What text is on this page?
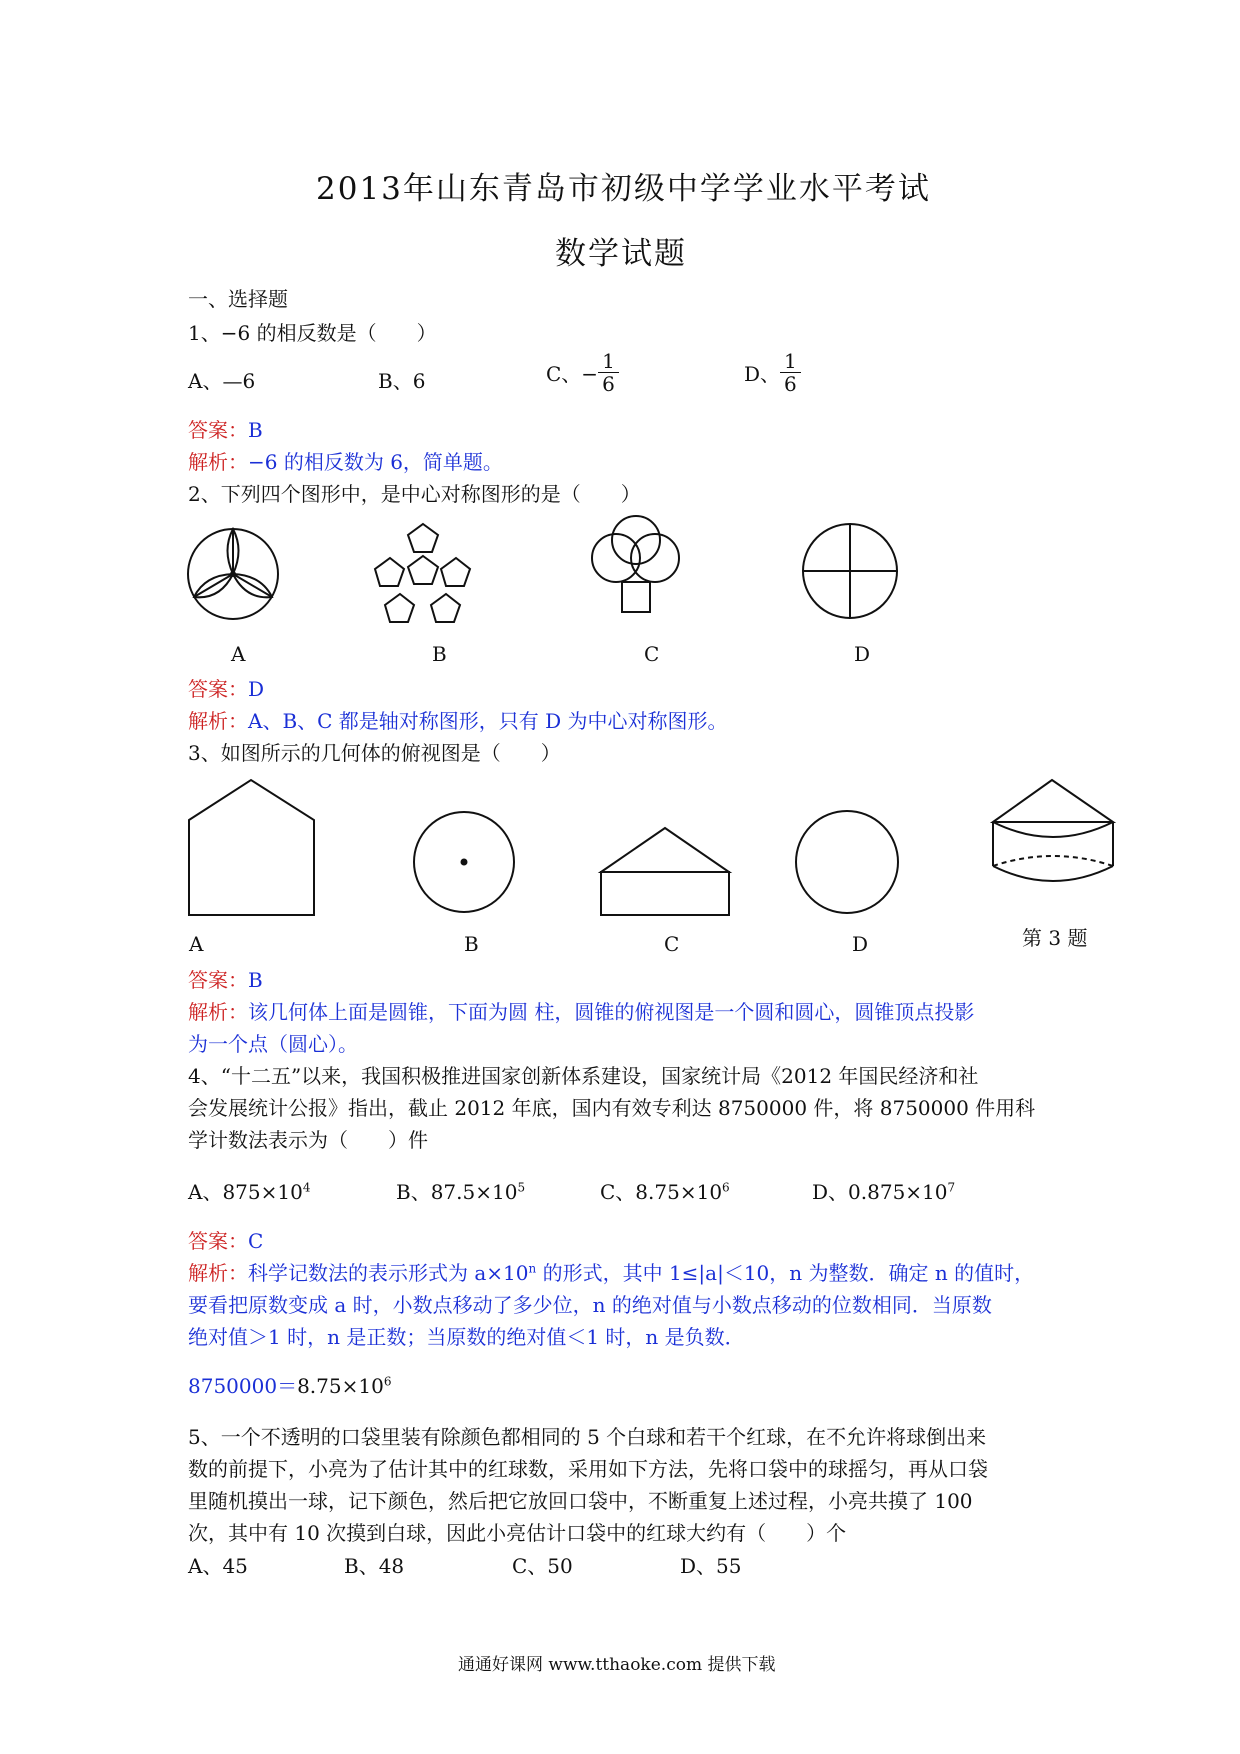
2013年山东青岛市初级中学学业水平考试
数学试题
一、选择题
1、−6 的相反数是（　　）
A、—6	B、6	C、− $\frac{1}{6}$	D、 $\frac{1}{6}$
答案：B
解析：−6 的相反数为 6，简单题。
2、下列四个图形中，是中心对称图形的是（　　）
A	B	C	D
答案：D
解析：A、B、C 都是轴对称图形，只有 D 为中心对称图形。
3、如图所示的几何体的俯视图是（　　）
A	B	C	D	第 3 题
答案：B
解析：该几何体上面是圆锥，下面为圆 柱，圆锥的俯视图是一个圆和圆心，圆锥顶点投影
为一个点（圆心）。
4、“十二五”以来，我国积极推进国家创新体系建设，国家统计局《2012 年国民经济和社
会发展统计公报》指出，截止 2012 年底，国内有效专利达 8750000 件，将 8750000 件用科
学计数法表示为（　　）件
A、$875\times 10^4$	B、$87.5\times 10^5$	C、$8.75\times 10^6$	D、$0.875\times 10^7$
答案：C
解析：科学记数法的表示形式为 $a\times 10^n$ 的形式，其中 1≤|a|＜10，n 为整数．确定 n 的值时，
要看把原数变成 a 时，小数点移动了多少位，n 的绝对值与小数点移动的位数相同．当原数
绝对值＞1 时，n 是正数；当原数的绝对值＜1 时，n 是负数．
$8750000=8.75\times 10^6$
5、一个不透明的口袋里装有除颜色都相同的 5 个白球和若干个红球，在不允许将球倒出来
数的前提下，小亮为了估计其中的红球数，采用如下方法，先将口袋中的球摇匀，再从口袋
里随机摸出一球，记下颜色，然后把它放回口袋中，不断重复上述过程，小亮共摸了 100
次，其中有 10 次摸到白球，因此小亮估计口袋中的红球大约有（　　）个
A、45	B、48	C、50	D、55
通通好课网 www.tthaoke.com 提供下载
